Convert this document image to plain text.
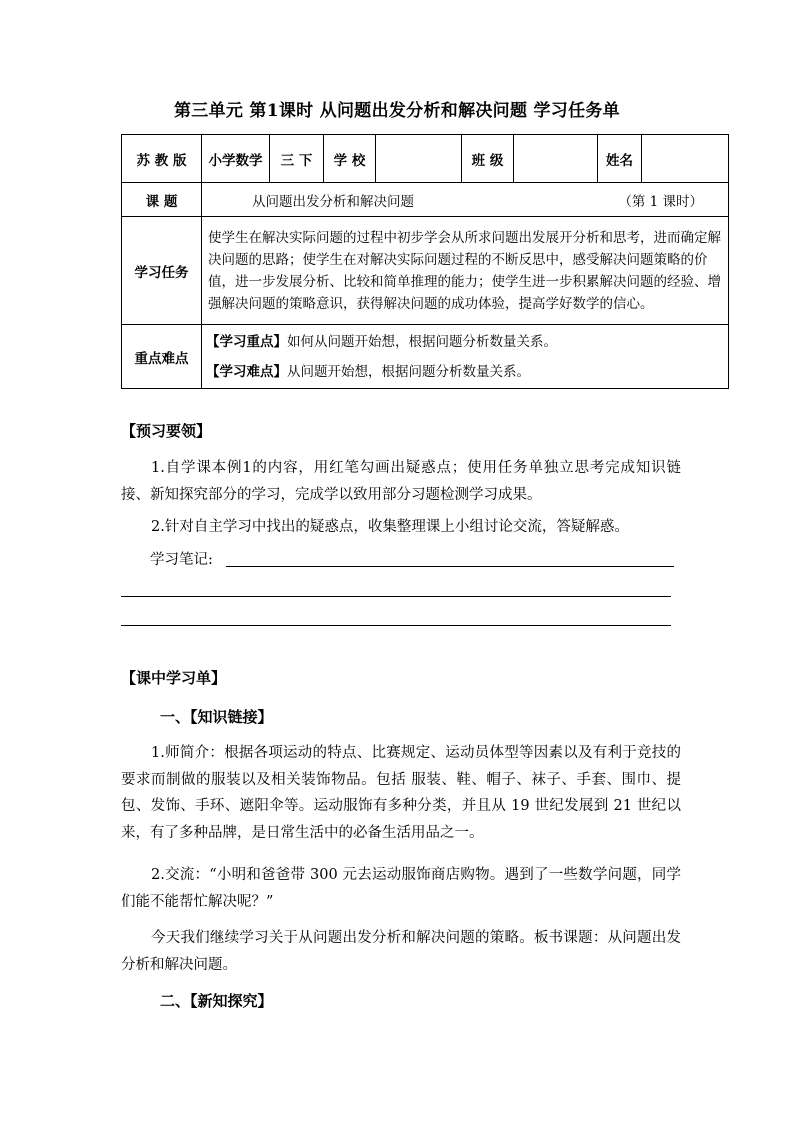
第三单元 第1课时 从问题出发分析和解决问题 学习任务单
苏 教 版	小学数学	三 下	学 校		班 级		姓名	
课 题	从问题出发分析和解决问题 （第 1 课时）							

学习任务	使学生在解决实际问题的过程中初步学会从所求问题出发展开分析和思考，进而确定解决问题的思路；使学生在对解决实际问题过程的不断反思中，感受解决问题策略的价值，进一步发展分析、比较和简单推理的能力；使学生进一步积累解决问题的经验、增强解决问题的策略意识，获得解决问题的成功体验，提高学好数学的信心。							
重点难点	【学习重点】如何从问题开始想，根据问题分析数量关系。
【学习难点】从问题开始想，根据问题分析数量关系。							
【预习要领】
1.自学课本例1的内容，用红笔勾画出疑惑点；使用任务单独立思考完成知识链接、新知探究部分的学习，完成学以致用部分习题检测学习成果。
2.针对自主学习中找出的疑惑点，收集整理课上小组讨论交流，答疑解惑。
学习笔记:
【课中学习单】
一、【知识链接】
1.师简介：根据各项运动的特点、比赛规定、运动员体型等因素以及有利于竞技的要求而制做的服装以及相关装饰物品。包括 服装、鞋、帽子、袜子、手套、围巾、提包、发饰、手环、遮阳伞等。运动服饰有多种分类，并且从 19 世纪发展到 21 世纪以来，有了多种品牌，是日常生活中的必备生活用品之一。
2.交流：“小明和爸爸带 300 元去运动服饰商店购物。遇到了一些数学问题，同学们能不能帮忙解决呢？”
今天我们继续学习关于从问题出发分析和解决问题的策略。板书课题：从问题出发分析和解决问题。
二、【新知探究】
